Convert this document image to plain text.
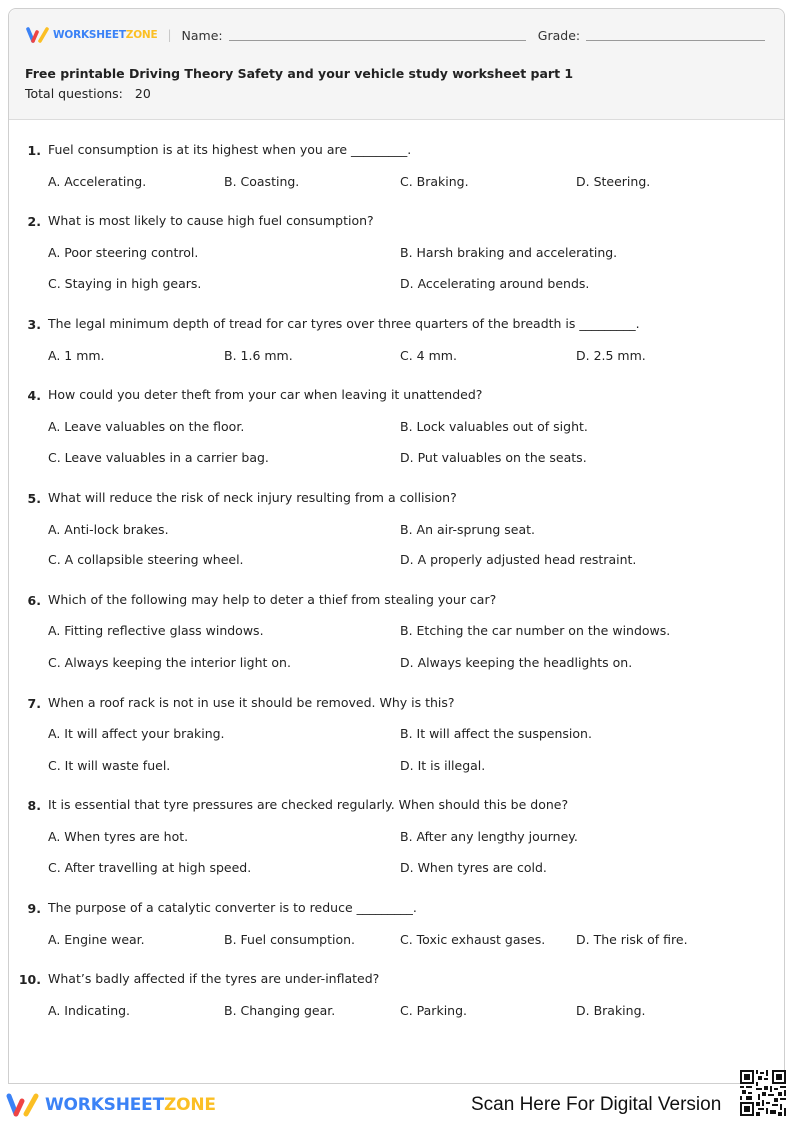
WORKSHEETZONE | Name:	Grade:
Free printable Driving Theory Safety and your vehicle study worksheet part 1
Total questions: 20
1. Fuel consumption is at its highest when you are _________.
A. Accelerating.	B. Coasting.	C. Braking.	D. Steering.
2. What is most likely to cause high fuel consumption?
A. Poor steering control.	B. Harsh braking and accelerating.
C. Staying in high gears.	D. Accelerating around bends.
3. The legal minimum depth of tread for car tyres over three quarters of the breadth is _________.
A. 1 mm.	B. 1.6 mm.	C. 4 mm.	D. 2.5 mm.
4. How could you deter theft from your car when leaving it unattended?
A. Leave valuables on the floor.	B. Lock valuables out of sight.
C. Leave valuables in a carrier bag.	D. Put valuables on the seats.
5. What will reduce the risk of neck injury resulting from a collision?
A. Anti-lock brakes.	B. An air-sprung seat.
C. A collapsible steering wheel.	D. A properly adjusted head restraint.
6. Which of the following may help to deter a thief from stealing your car?
A. Fitting reflective glass windows.	B. Etching the car number on the windows.
C. Always keeping the interior light on.	D. Always keeping the headlights on.
7. When a roof rack is not in use it should be removed. Why is this?
A. It will affect your braking.	B. It will affect the suspension.
C. It will waste fuel.	D. It is illegal.
8. It is essential that tyre pressures are checked regularly. When should this be done?
A. When tyres are hot.	B. After any lengthy journey.
C. After travelling at high speed.	D. When tyres are cold.
9. The purpose of a catalytic converter is to reduce _________.
A. Engine wear.	B. Fuel consumption.	C. Toxic exhaust gases. D. The risk of fire.
10. What’s badly affected if the tyres are under-inflated?
A. Indicating.	B. Changing gear.	C. Parking.	D. Braking.
WORKSHEETZONE	Scan Here For Digital Version
